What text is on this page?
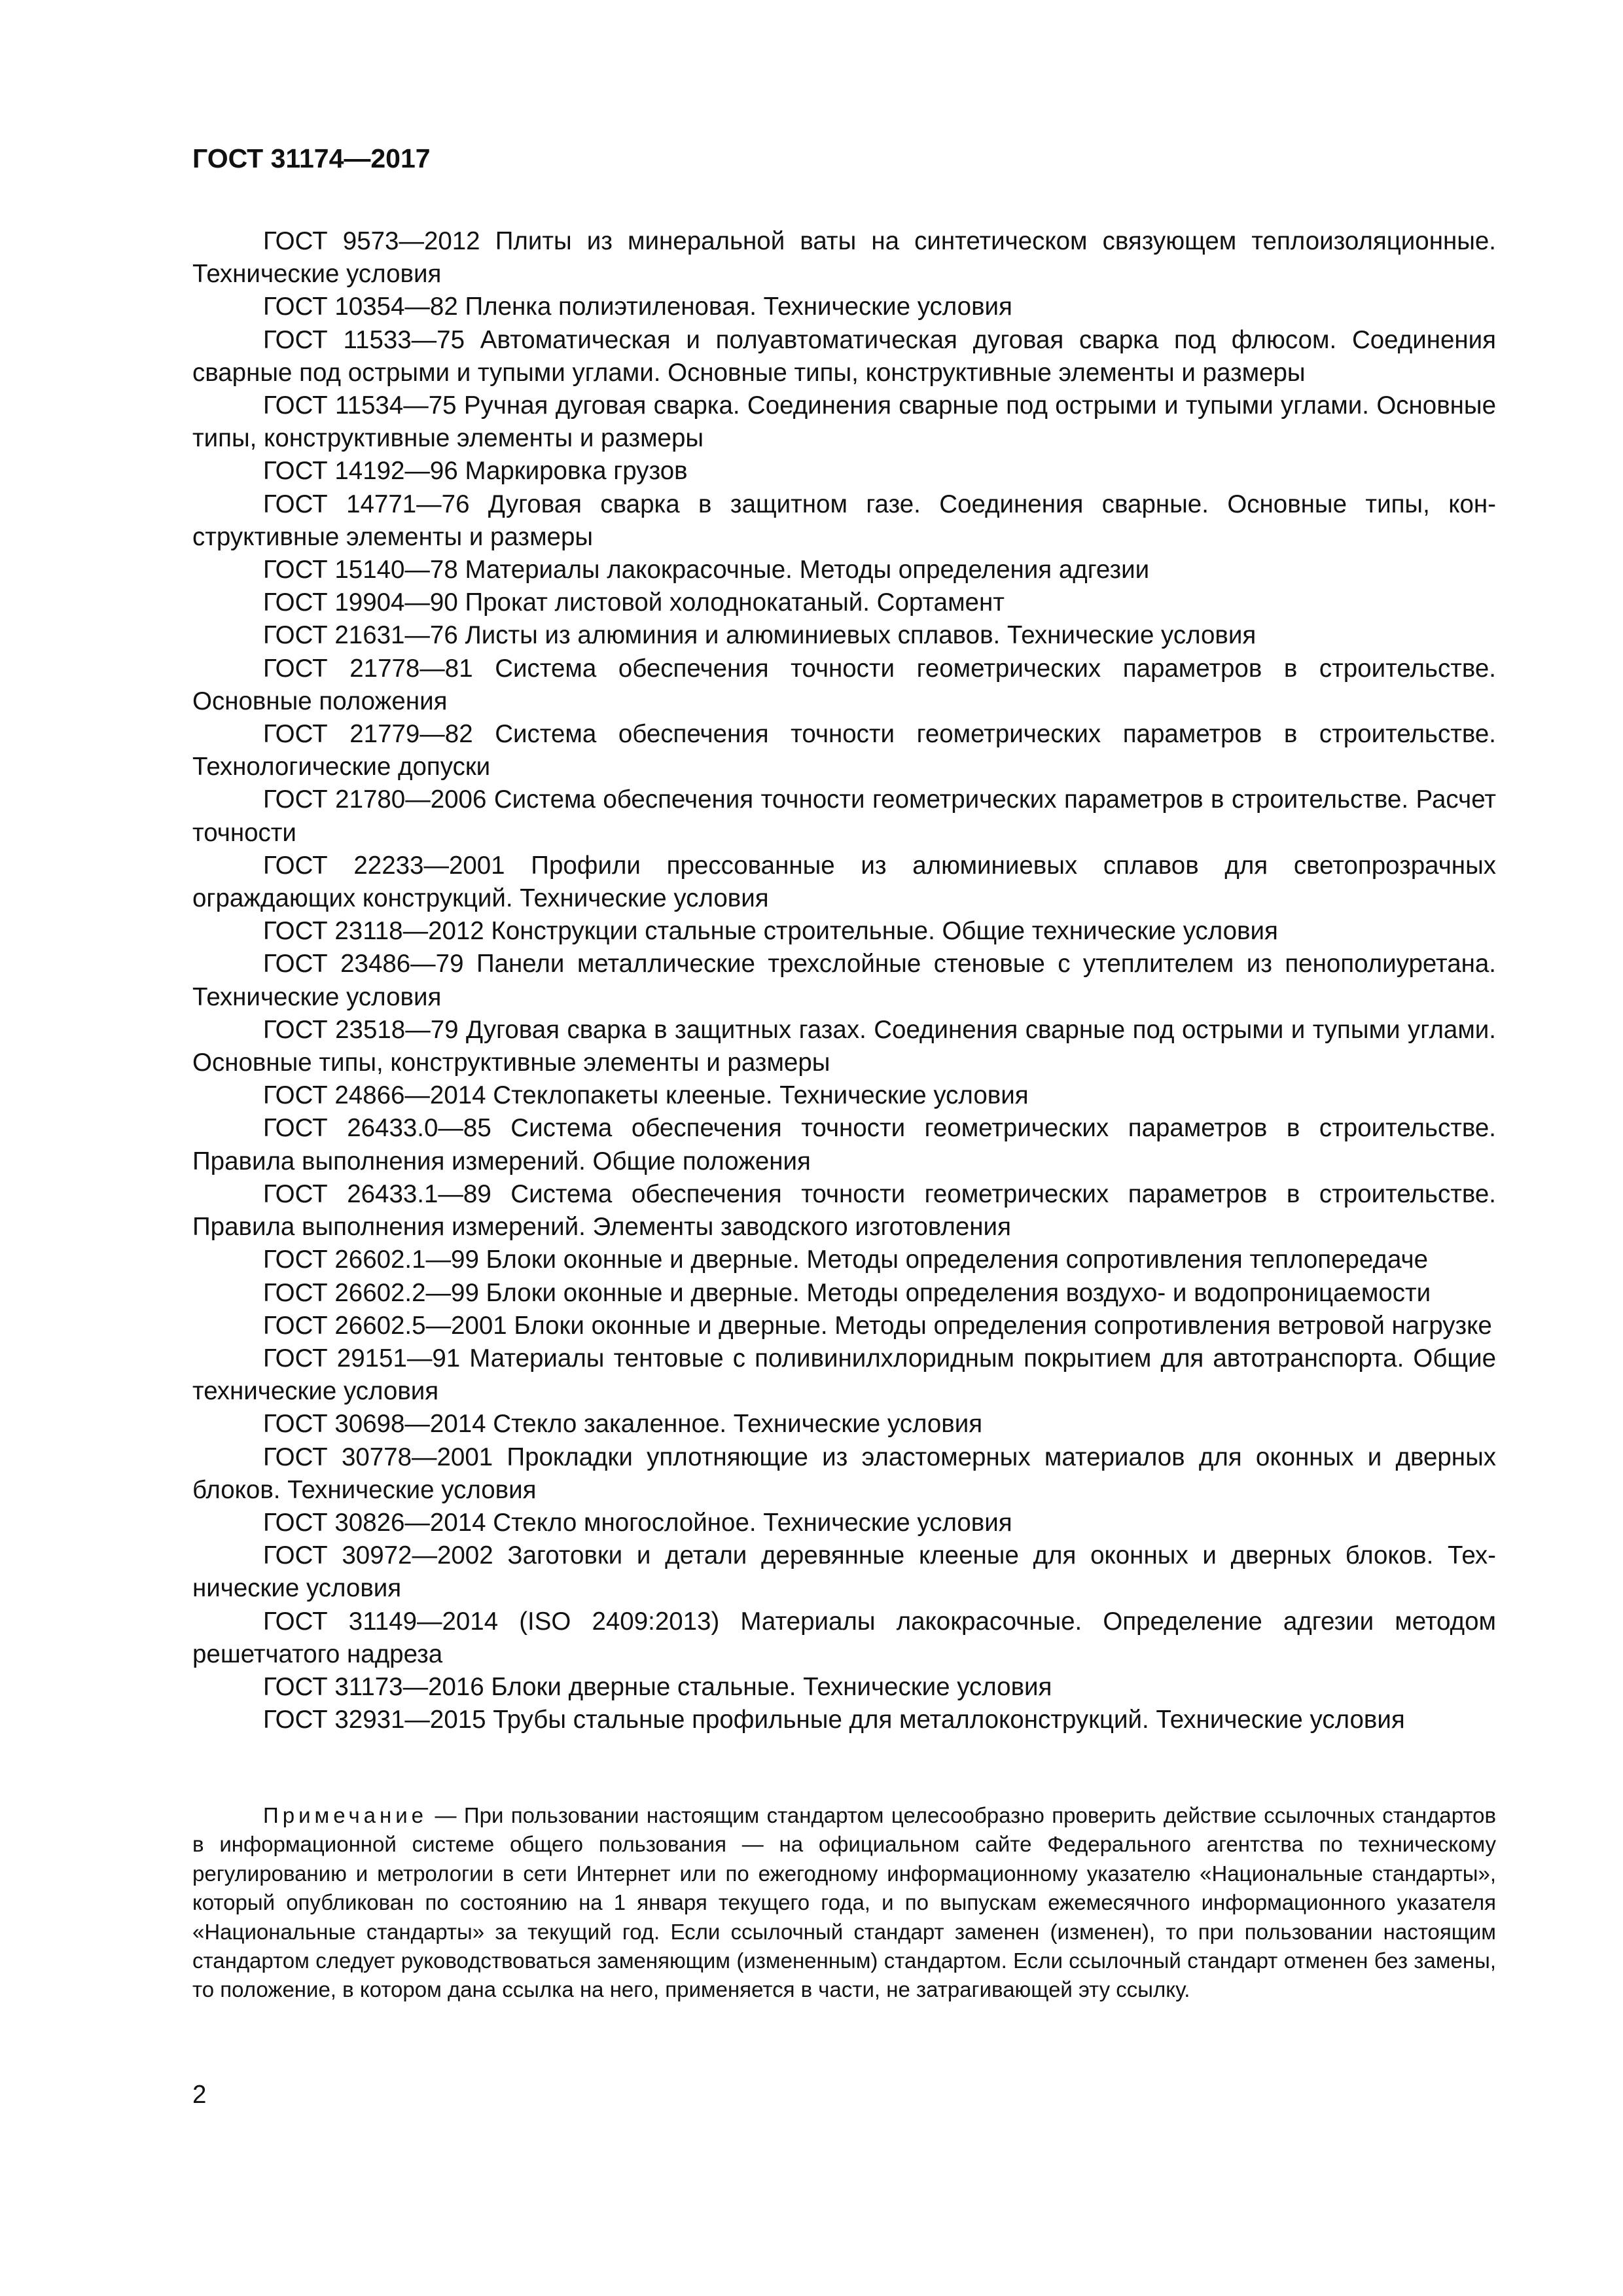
ГОСТ 31174—2017

ГОСТ 9573—2012 Плиты из минеральной ваты на синтетическом связующем теплоизоляционные. Технические условия

ГОСТ 10354—82 Пленка полиэтиленовая. Технические условия

ГОСТ 11533—75 Автоматическая и полуавтоматическая дуговая сварка под флюсом. Соединения сварные под острыми и тупыми углами. Основные типы, конструктивные элементы и размеры

ГОСТ 11534—75 Ручная дуговая сварка. Соединения сварные под острыми и тупыми углами. Основные типы, конструктивные элементы и размеры

ГОСТ 14192—96 Маркировка грузов

ГОСТ 14771—76 Дуговая сварка в защитном газе. Соединения сварные. Основные типы, конструктивные элементы и размеры

ГОСТ 15140—78 Материалы лакокрасочные. Методы определения адгезии

ГОСТ 19904—90 Прокат листовой холоднокатаный. Сортамент

ГОСТ 21631—76 Листы из алюминия и алюминиевых сплавов. Технические условия

ГОСТ 21778—81 Система обеспечения точности геометрических параметров в строительстве. Основные положения

ГОСТ 21779—82 Система обеспечения точности геометрических параметров в строительстве. Технологические допуски

ГОСТ 21780—2006 Система обеспечения точности геометрических параметров в строительстве. Расчет точности

ГОСТ 22233—2001 Профили прессованные из алюминиевых сплавов для светопрозрачных ограждающих конструкций. Технические условия

ГОСТ 23118—2012 Конструкции стальные строительные. Общие технические условия

ГОСТ 23486—79 Панели металлические трехслойные стеновые с утеплителем из пенополиуретана. Технические условия

ГОСТ 23518—79 Дуговая сварка в защитных газах. Соединения сварные под острыми и тупыми углами. Основные типы, конструктивные элементы и размеры

ГОСТ 24866—2014 Стеклопакеты клееные. Технические условия

ГОСТ 26433.0—85 Система обеспечения точности геометрических параметров в строительстве. Правила выполнения измерений. Общие положения

ГОСТ 26433.1—89 Система обеспечения точности геометрических параметров в строительстве. Правила выполнения измерений. Элементы заводского изготовления

ГОСТ 26602.1—99 Блоки оконные и дверные. Методы определения сопротивления теплопередаче

ГОСТ 26602.2—99 Блоки оконные и дверные. Методы определения воздухо- и водопроницаемости

ГОСТ 26602.5—2001 Блоки оконные и дверные. Методы определения сопротивления ветровой нагрузке

ГОСТ 29151—91 Материалы тентовые с поливинилхлоридным покрытием для автотранспорта. Общие технические условия

ГОСТ 30698—2014 Стекло закаленное. Технические условия

ГОСТ 30778—2001 Прокладки уплотняющие из эластомерных материалов для оконных и дверных блоков. Технические условия

ГОСТ 30826—2014 Стекло многослойное. Технические условия

ГОСТ 30972—2002 Заготовки и детали деревянные клееные для оконных и дверных блоков. Технические условия

ГОСТ 31149—2014 (ISO 2409:2013) Материалы лакокрасочные. Определение адгезии методом решетчатого надреза

ГОСТ 31173—2016 Блоки дверные стальные. Технические условия

ГОСТ 32931—2015 Трубы стальные профильные для металлоконструкций. Технические условия

Примечание — При пользовании настоящим стандартом целесообразно проверить действие ссылочных стандартов в информационной системе общего пользования — на официальном сайте Федерального агентства по техническому регулированию и метрологии в сети Интернет или по ежегодному информационному указателю «Национальные стандарты», который опубликован по состоянию на 1 января текущего года, и по выпускам ежемесячного информационного указателя «Национальные стандарты» за текущий год. Если ссылочный стандарт заменен (изменен), то при пользовании настоящим стандартом следует руководствоваться заменяющим (измененным) стандартом. Если ссылочный стандарт отменен без замены, то положение, в котором дана ссылка на него, применяется в части, не затрагивающей эту ссылку.

2
